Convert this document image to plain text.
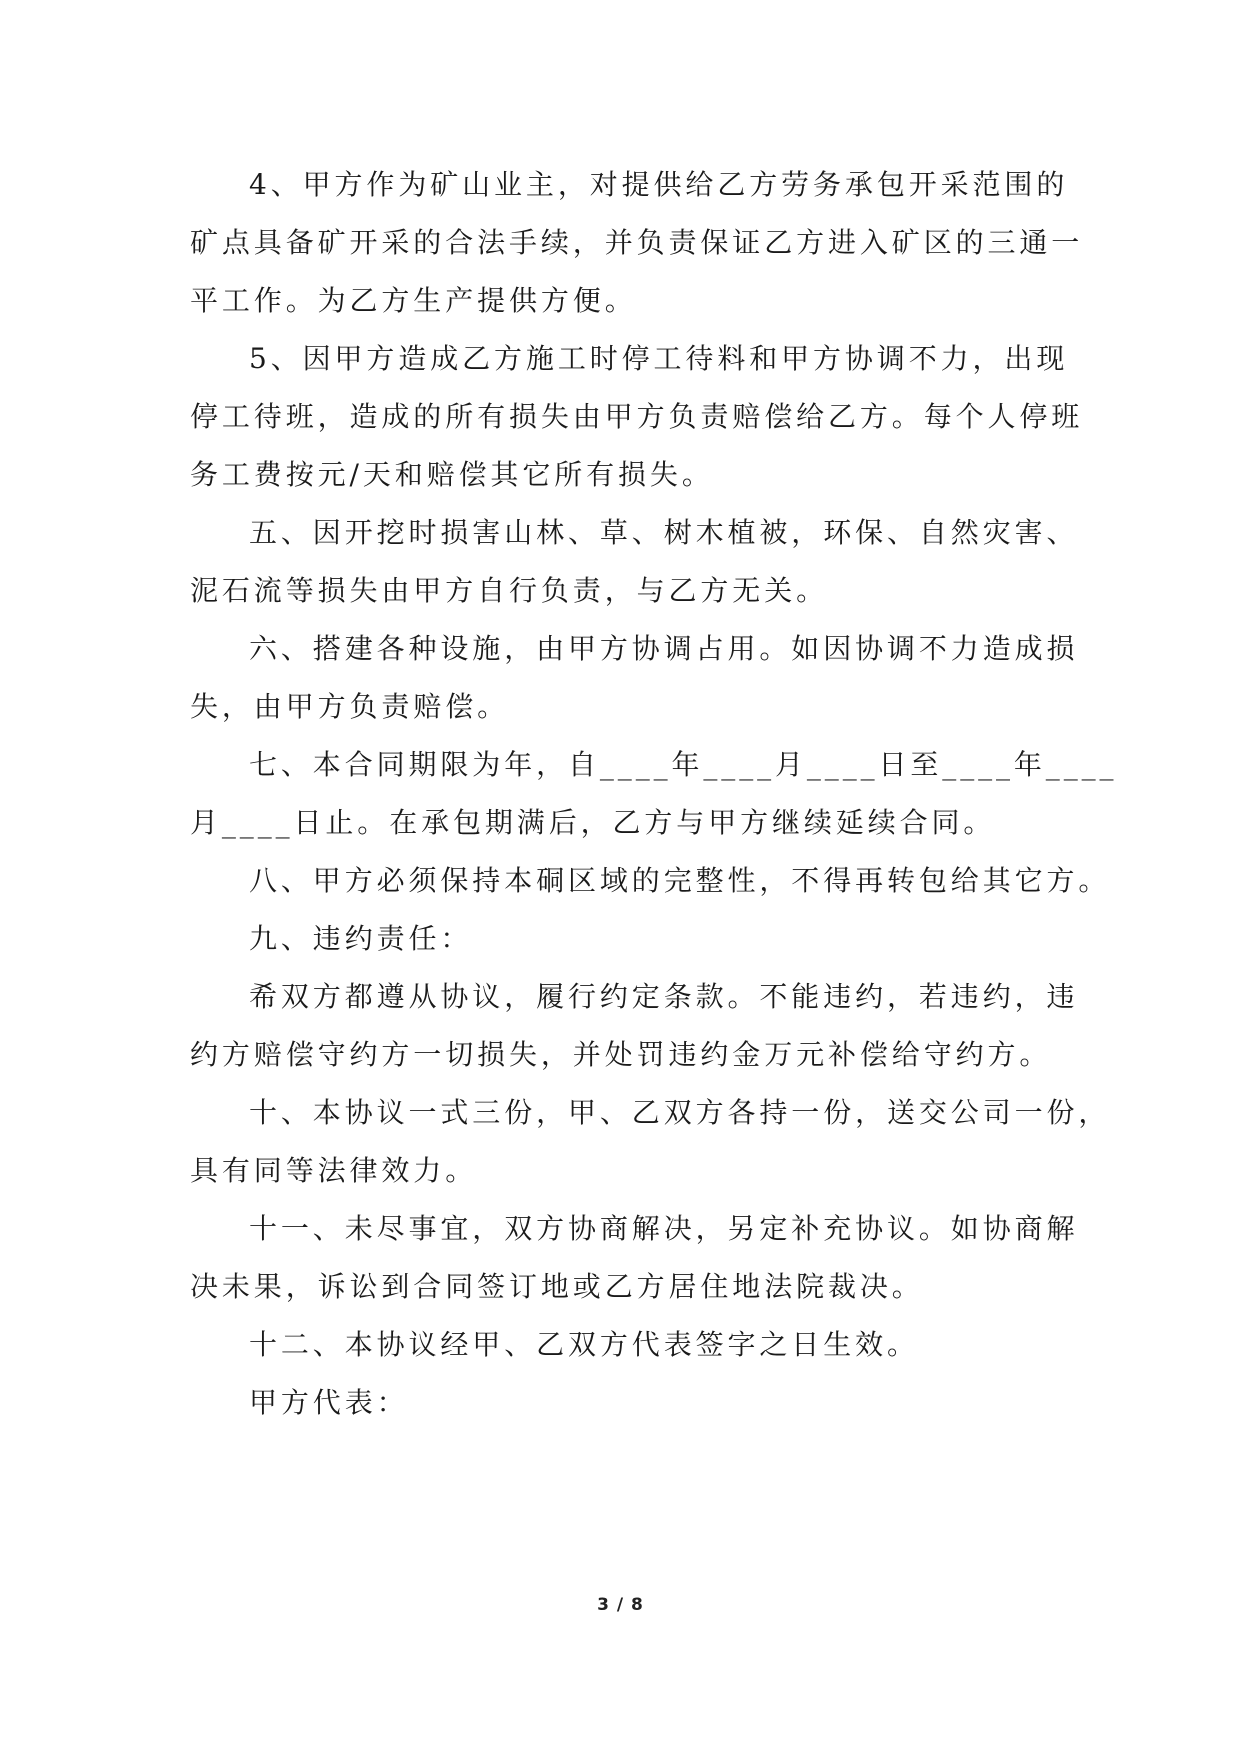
4、甲方作为矿山业主，对提供给乙方劳务承包开采范围的
矿点具备矿开采的合法手续，并负责保证乙方进入矿区的三通一
平工作。为乙方生产提供方便。
5、因甲方造成乙方施工时停工待料和甲方协调不力，出现
停工待班，造成的所有损失由甲方负责赔偿给乙方。每个人停班
务工费按元/天和赔偿其它所有损失。
五、因开挖时损害山林、草、树木植被，环保、自然灾害、
泥石流等损失由甲方自行负责，与乙方无关。
六、搭建各种设施，由甲方协调占用。如因协调不力造成损
失，由甲方负责赔偿。
七、本合同期限为年，自____年____月____日至____年____
月____日止。在承包期满后，乙方与甲方继续延续合同。
八、甲方必须保持本硐区域的完整性，不得再转包给其它方。
九、违约责任：
希双方都遵从协议，履行约定条款。不能违约，若违约，违
约方赔偿守约方一切损失，并处罚违约金万元补偿给守约方。
十、本协议一式三份，甲、乙双方各持一份，送交公司一份，
具有同等法律效力。
十一、未尽事宜，双方协商解决，另定补充协议。如协商解
决未果，诉讼到合同签订地或乙方居住地法院裁决。
十二、本协议经甲、乙双方代表签字之日生效。
甲方代表：
3 / 8
